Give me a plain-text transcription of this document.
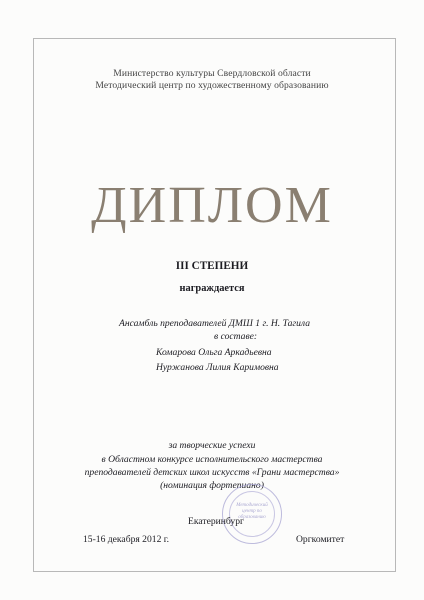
Министерство культуры Свердловской области
Методический центр по художественному образованию
ДИПЛОМ
III СТЕПЕНИ
награждается
Ансамбль преподавателей ДМШ 1 г. Н. Тагила
в составе:
Комарова Ольга Аркадьевна
Нуржанова Лилия Каримовна
за творческие успехи
в Областном конкурсе исполнительского мастерства
преподавателей детских школ искусств «Грани мастерства»
(номинация фортепиано)
Методический центр по образованию
Екатеринбург
15-16 декабря 2012 г.	Оргкомитет
